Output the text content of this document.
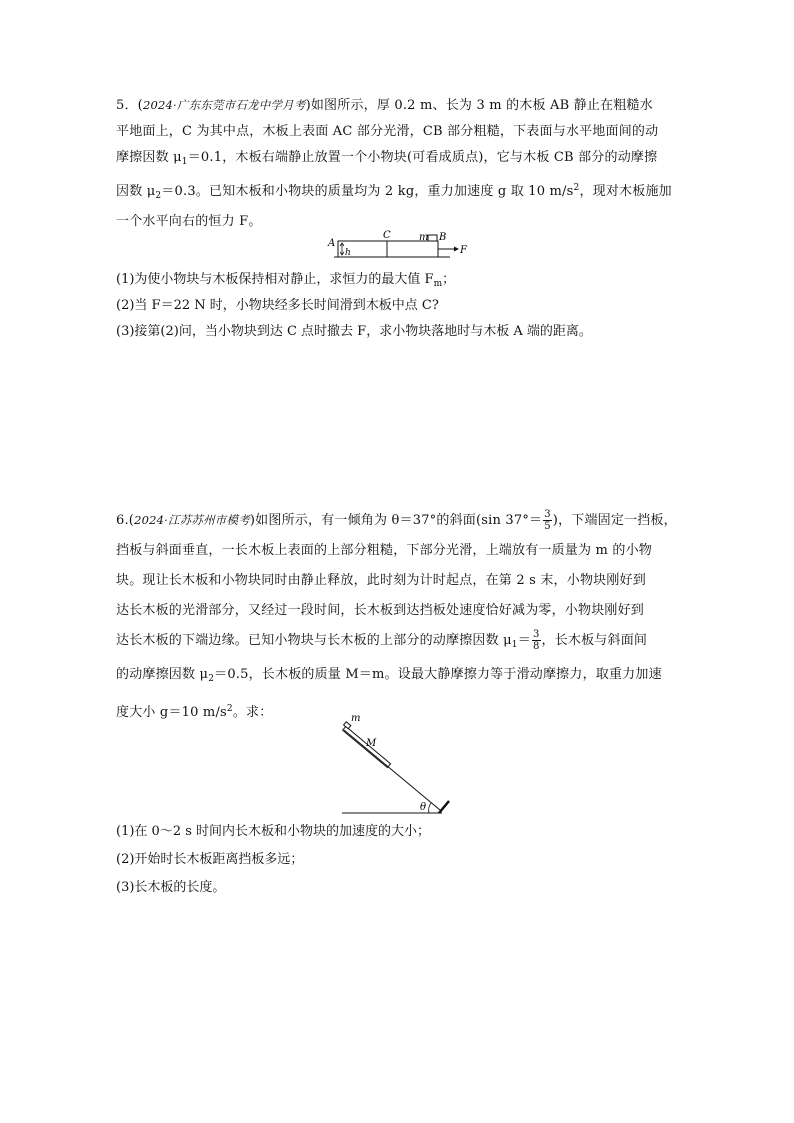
5．(2024·广东东莞市石龙中学月考)如图所示，厚 0.2 m、长为 3 m 的木板 AB 静止在粗糙水
平地面上，C 为其中点，木板上表面 AC 部分光滑，CB 部分粗糙，下表面与水平地面间的动
摩擦因数 $\mu_1=0.1$，木板右端静止放置一个小物块(可看成质点)，它与木板 CB 部分的动摩擦
因数 $\mu_2=0.3$。已知木板和小物块的质量均为 2 kg，重力加速度 g 取 10 $m/s^2$，现对木板施加
一个水平向右的恒力 F。
A
h
C	m B
F
(1)为使小物块与木板保持相对静止，求恒力的最大值 $F_m$；
(2)当 F＝22 N 时，小物块经多长时间滑到木板中点 C?
(3)接第(2)问，当小物块到达 C 点时撤去 F，求小物块落地时与木板 A 端的距离。
6.(2024·江苏苏州市模考)如图所示，有一倾角为 θ＝37°的斜面(sin $37^\circ= \frac{3}{5}$ )，下端固定一挡板，
挡板与斜面垂直，一长木板上表面的上部分粗糙，下部分光滑，上端放有一质量为 m 的小物
块。现让长木板和小物块同时由静止释放，此时刻为计时起点，在第 2 s 末，小物块刚好到
达长木板的光滑部分，又经过一段时间，长木板到达挡板处速度恰好减为零，小物块刚好到
达长木板的下端边缘。已知小物块与长木板的上部分的动摩擦因数 $\mu_1= \frac{3}{8}$ ，长木板与斜面间
的动摩擦因数 $\mu_2=0.5$，长木板的质量 M＝m。设最大静摩擦力等于滑动摩擦力，取重力加速
度大小 g＝10 $m/s^2$。求：	m
M
θ
(1)在 0～2 s 时间内长木板和小物块的加速度的大小；
(2)开始时长木板距离挡板多远；
(3)长木板的长度。
